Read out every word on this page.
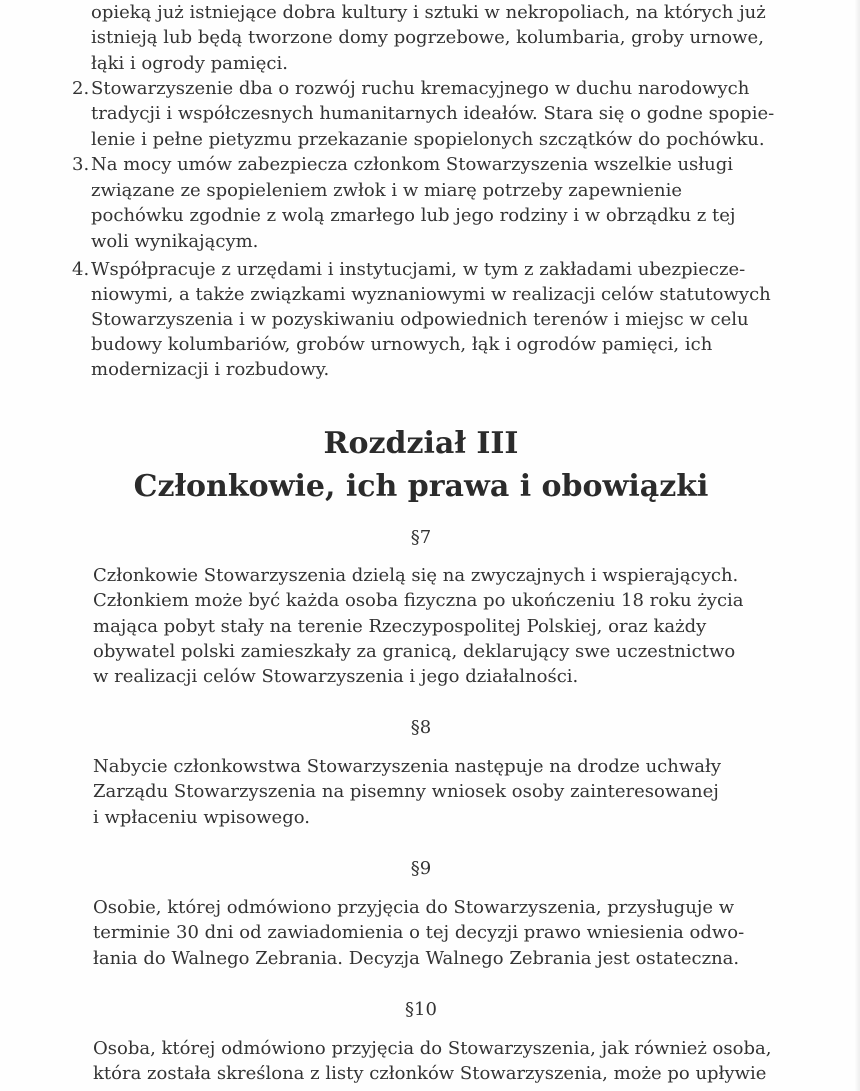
opieką już istniejące dobra kultury i sztuki w nekropoliach, na których już
istnieją lub będą tworzone domy pogrzebowe, kolumbaria, groby urnowe,
łąki i ogrody pamięci.
2. Stowarzyszenie dba o rozwój ruchu kremacyjnego w duchu narodowych
tradycji i współczesnych humanitarnych ideałów. Stara się o godne spopie-
lenie i pełne pietyzmu przekazanie spopielonych szczątków do pochówku.
3. Na mocy umów zabezpiecza członkom Stowarzyszenia wszelkie usługi
związane ze spopieleniem zwłok i w miarę potrzeby zapewnienie
pochówku zgodnie z wolą zmarłego lub jego rodziny i w obrządku z tej
woli wynikającym.
4. Współpracuje z urzędami i instytucjami, w tym z zakładami ubezpiecze-
niowymi, a także związkami wyznaniowymi w realizacji celów statutowych
Stowarzyszenia i w pozyskiwaniu odpowiednich terenów i miejsc w celu
budowy kolumbariów, grobów urnowych, łąk i ogrodów pamięci, ich
modernizacji i rozbudowy.
Rozdział III
Członkowie, ich prawa i obowiązki
§7
Członkowie Stowarzyszenia dzielą się na zwyczajnych i wspierających.
Członkiem może być każda osoba fizyczna po ukończeniu 18 roku życia
mająca pobyt stały na terenie Rzeczypospolitej Polskiej, oraz każdy
obywatel polski zamieszkały za granicą, deklarujący swe uczestnictwo
w realizacji celów Stowarzyszenia i jego działalności.
§8
Nabycie członkowstwa Stowarzyszenia następuje na drodze uchwały
Zarządu Stowarzyszenia na pisemny wniosek osoby zainteresowanej
i wpłaceniu wpisowego.
§9
Osobie, której odmówiono przyjęcia do Stowarzyszenia, przysługuje w
terminie 30 dni od zawiadomienia o tej decyzji prawo wniesienia odwo-
łania do Walnego Zebrania. Decyzja Walnego Zebrania jest ostateczna.
§10
Osoba, której odmówiono przyjęcia do Stowarzyszenia, jak również osoba,
która została skreślona z listy członków Stowarzyszenia, może po upływie
